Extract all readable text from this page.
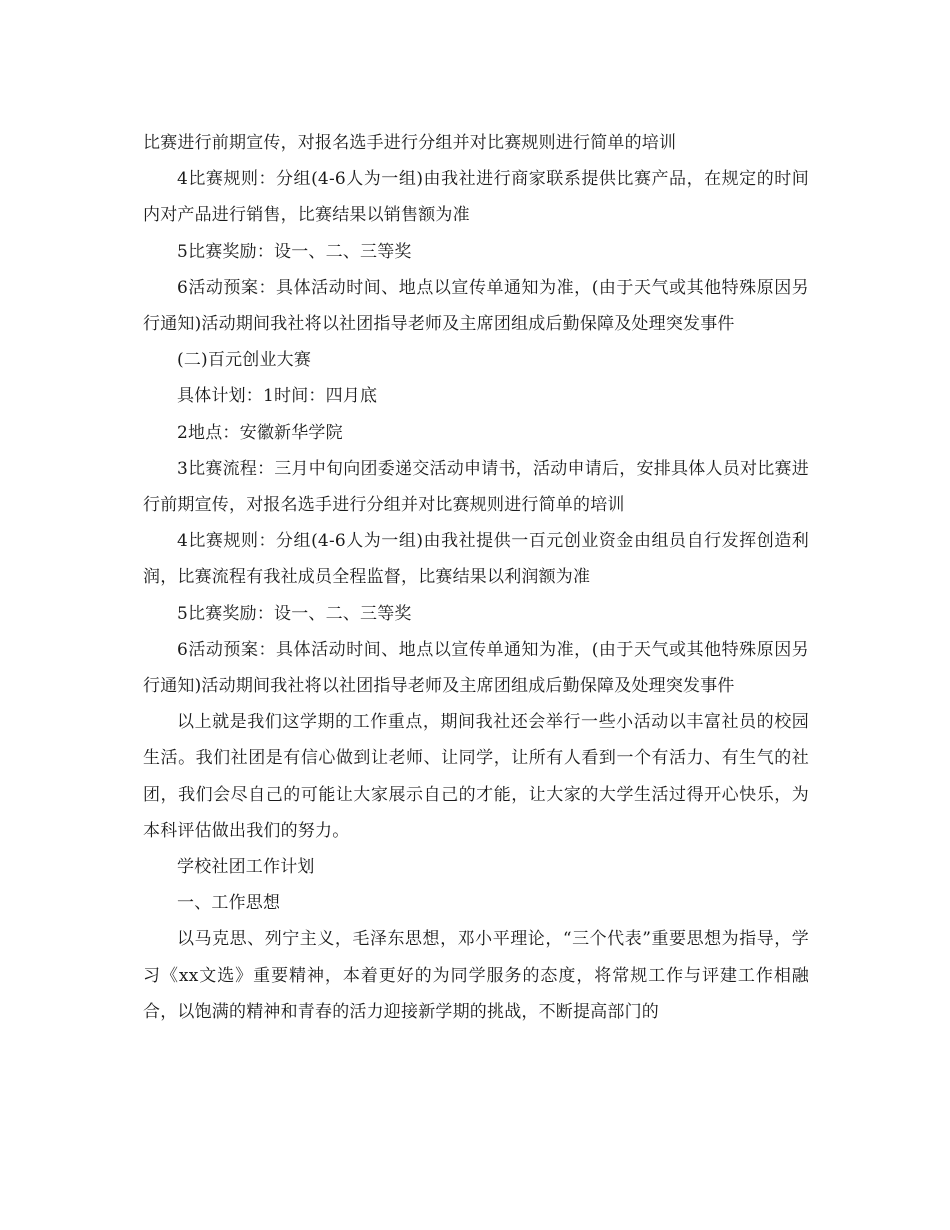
比赛进行前期宣传，对报名选手进行分组并对比赛规则进行简单的培训

4比赛规则：分组(4-6人为一组)由我社进行商家联系提供比赛产品，在规定的时间内对产品进行销售，比赛结果以销售额为准

5比赛奖励：设一、二、三等奖

6活动预案：具体活动时间、地点以宣传单通知为准，(由于天气或其他特殊原因另行通知)活动期间我社将以社团指导老师及主席团组成后勤保障及处理突发事件

(二)百元创业大赛

具体计划：1时间：四月底

2地点：安徽新华学院

3比赛流程：三月中旬向团委递交活动申请书，活动申请后，安排具体人员对比赛进行前期宣传，对报名选手进行分组并对比赛规则进行简单的培训

4比赛规则：分组(4-6人为一组)由我社提供一百元创业资金由组员自行发挥创造利润，比赛流程有我社成员全程监督，比赛结果以利润额为准

5比赛奖励：设一、二、三等奖

6活动预案：具体活动时间、地点以宣传单通知为准，(由于天气或其他特殊原因另行通知)活动期间我社将以社团指导老师及主席团组成后勤保障及处理突发事件

以上就是我们这学期的工作重点，期间我社还会举行一些小活动以丰富社员的校园生活。我们社团是有信心做到让老师、让同学，让所有人看到一个有活力、有生气的社团，我们会尽自己的可能让大家展示自己的才能，让大家的大学生活过得开心快乐，为本科评估做出我们的努力。

学校社团工作计划

一、工作思想

以马克思、列宁主义，毛泽东思想，邓小平理论，“三个代表”重要思想为指导，学习《xx文选》重要精神，本着更好的为同学服务的态度，将常规工作与评建工作相融合，以饱满的精神和青春的活力迎接新学期的挑战，不断提高部门的
